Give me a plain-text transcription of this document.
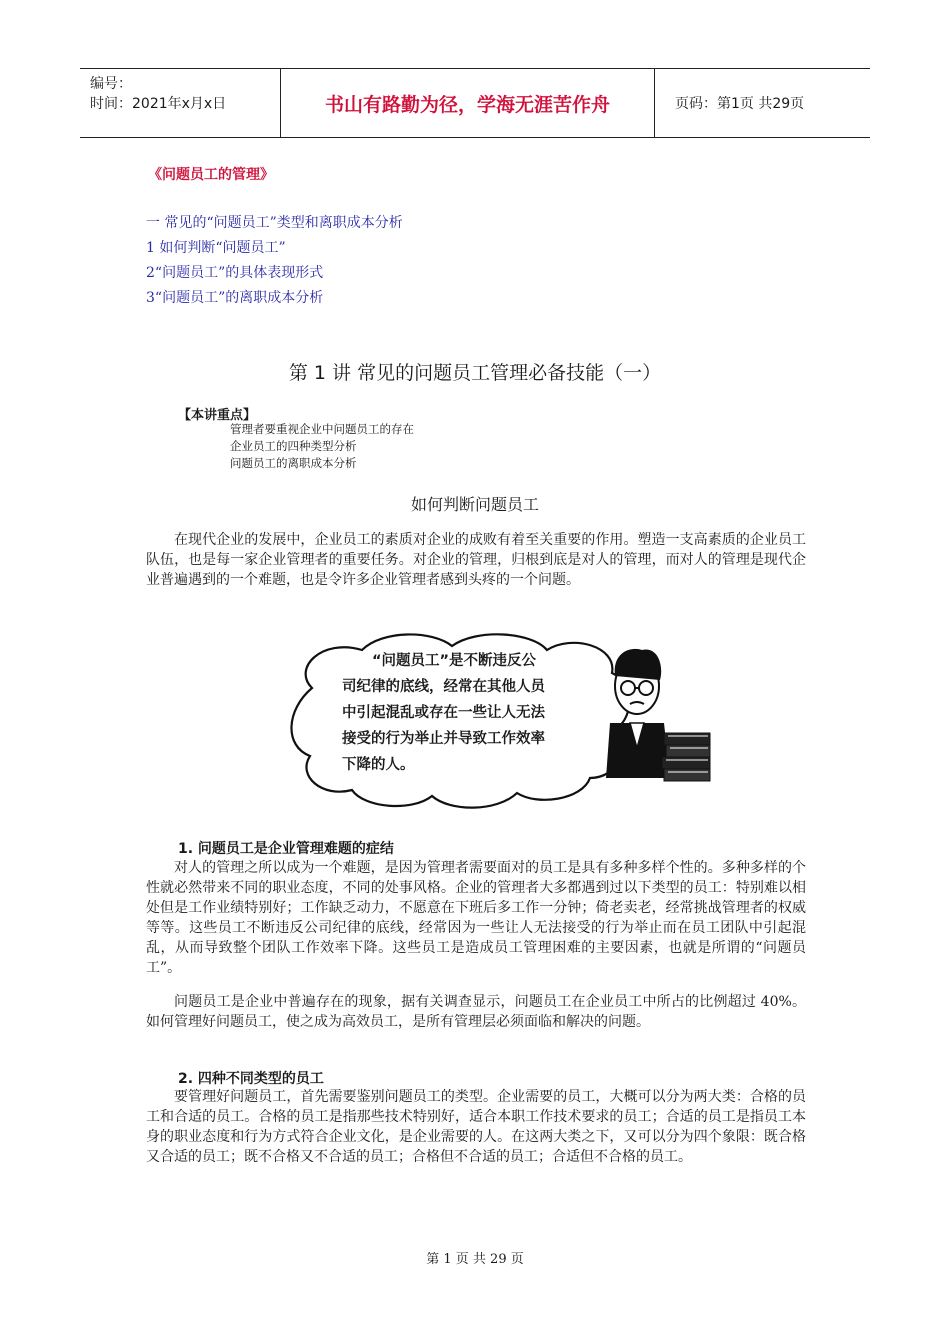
编号：
时间：2021年x月x日	书山有路勤为径，学海无涯苦作舟	页码：第1页 共29页
《问题员工的管理》
一 常见的“问题员工”类型和离职成本分析
1 如何判断“问题员工”
2“问题员工”的具体表现形式
3“问题员工”的离职成本分析
第 1 讲 常见的问题员工管理必备技能（一）
【本讲重点】
管理者要重视企业中问题员工的存在
企业员工的四种类型分析
问题员工的离职成本分析
如何判断问题员工

在现代企业的发展中，企业员工的素质对企业的成败有着至关重要的作用。塑造一支高素质的企业员工队伍，也是每一家企业管理者的重要任务。对企业的管理，归根到底是对人的管理，而对人的管理是现代企业普遍遇到的一个难题，也是令许多企业管理者感到头疼的一个问题。

“问题员工”是不断违反公
司纪律的底线，经常在其他人员
中引起混乱或存在一些让人无法
接受的行为举止并导致工作效率
下降的人。
1. 问题员工是企业管理难题的症结

对人的管理之所以成为一个难题，是因为管理者需要面对的员工是具有多种多样个性的。多种多样的个性就必然带来不同的职业态度，不同的处事风格。企业的管理者大多都遇到过以下类型的员工：特别难以相处但是工作业绩特别好；工作缺乏动力，不愿意在下班后多工作一分钟；倚老卖老，经常挑战管理者的权威等等。这些员工不断违反公司纪律的底线，经常因为一些让人无法接受的行为举止而在员工团队中引起混乱，从而导致整个团队工作效率下降。这些员工是造成员工管理困难的主要因素，也就是所谓的“问题员工”。

问题员工是企业中普遍存在的现象，据有关调查显示，问题员工在企业员工中所占的比例超过 40%。如何管理好问题员工，使之成为高效员工，是所有管理层必须面临和解决的问题。

2. 四种不同类型的员工

要管理好问题员工，首先需要鉴别问题员工的类型。企业需要的员工，大概可以分为两大类：合格的员工和合适的员工。合格的员工是指那些技术特别好，适合本职工作技术要求的员工；合适的员工是指员工本身的职业态度和行为方式符合企业文化，是企业需要的人。在这两大类之下，又可以分为四个象限：既合格又合适的员工；既不合格又不合适的员工；合格但不合适的员工；合适但不合格的员工。

第 1 页 共 29 页
